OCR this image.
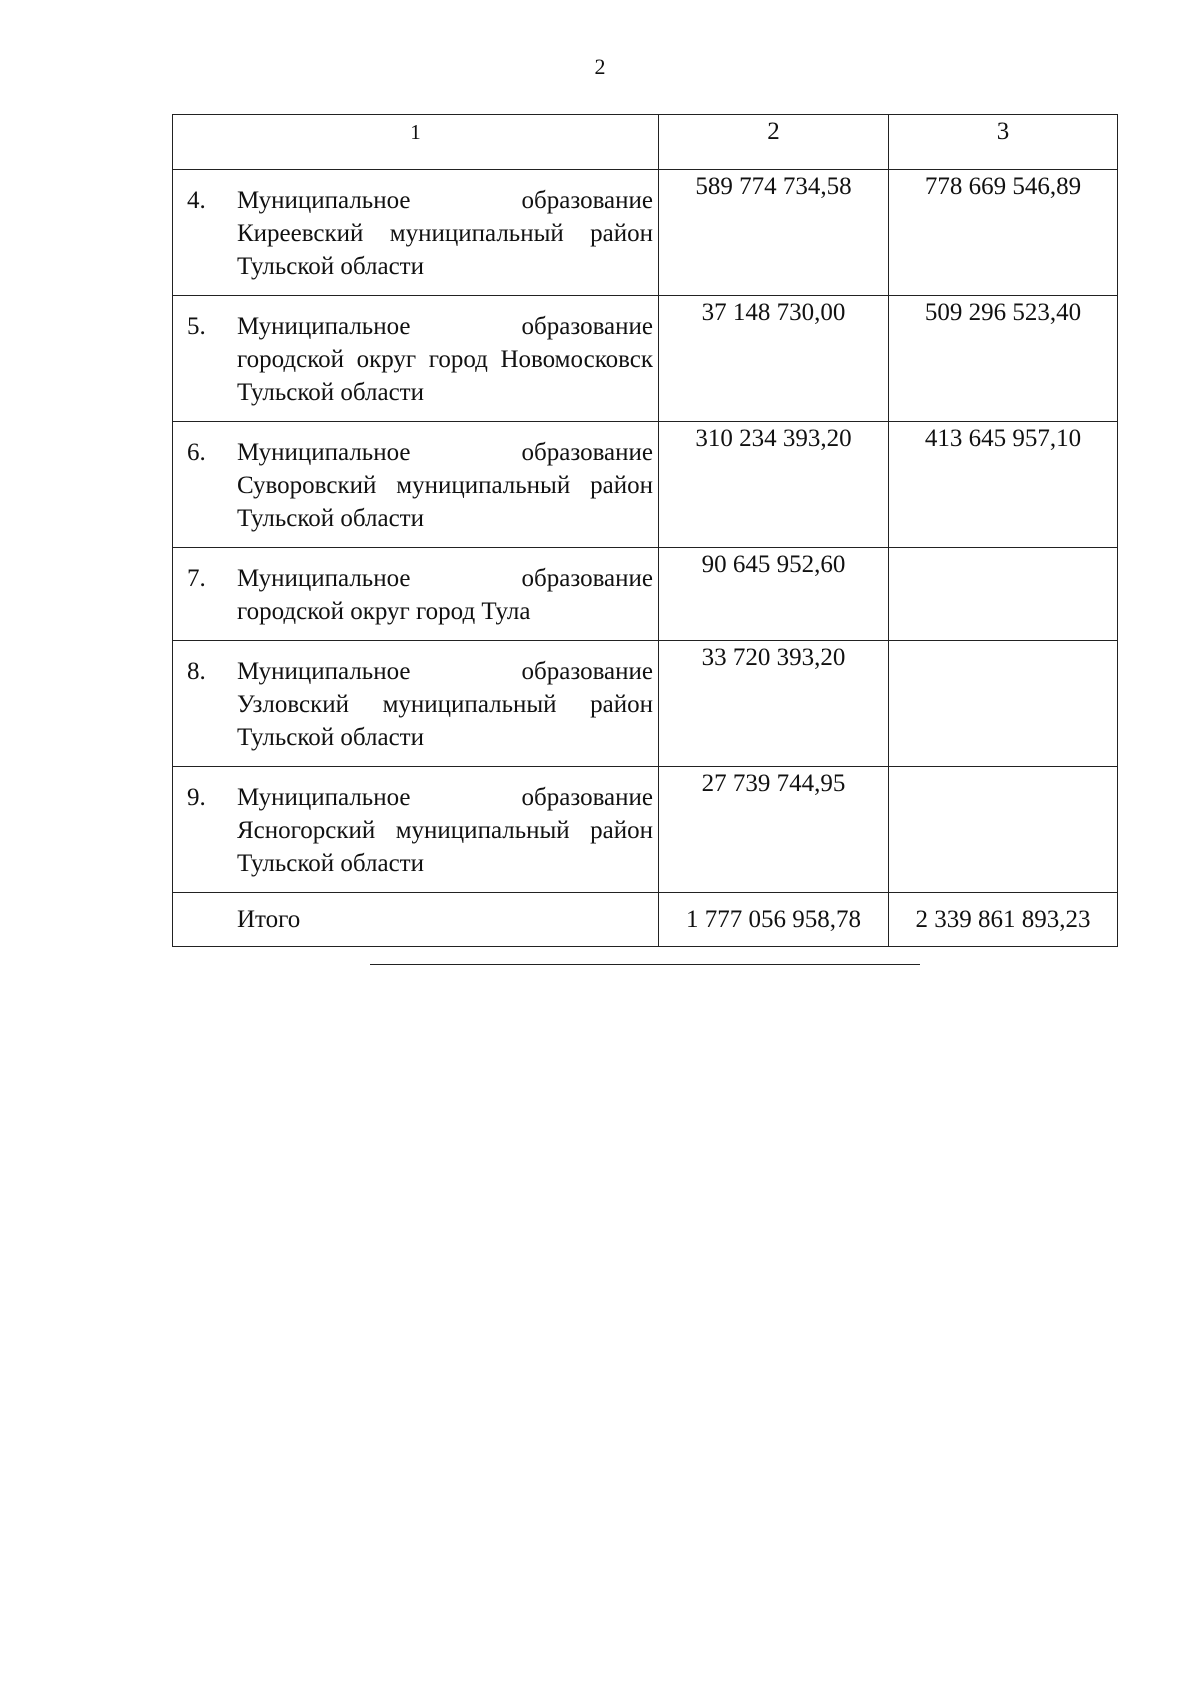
2
1	2	3

4. Муниципальное образование Киреевский муниципальный район Тульской области	589 774 734,58	778 669 546,89

5. Муниципальное образование городской округ город Новомосковск Тульской области	37 148 730,00	509 296 523,40

6. Муниципальное образование Суворовский муниципальный район Тульской области	310 234 393,20	413 645 957,10

7. Муниципальное образование городской округ город Тула	90 645 952,60	

8. Муниципальное образование Узловский муниципальный район Тульской области	33 720 393,20	

9. Муниципальное образование Ясногорский муниципальный район Тульской области	27 739 744,95	

Итого	1 777 056 958,78	2 339 861 893,23
